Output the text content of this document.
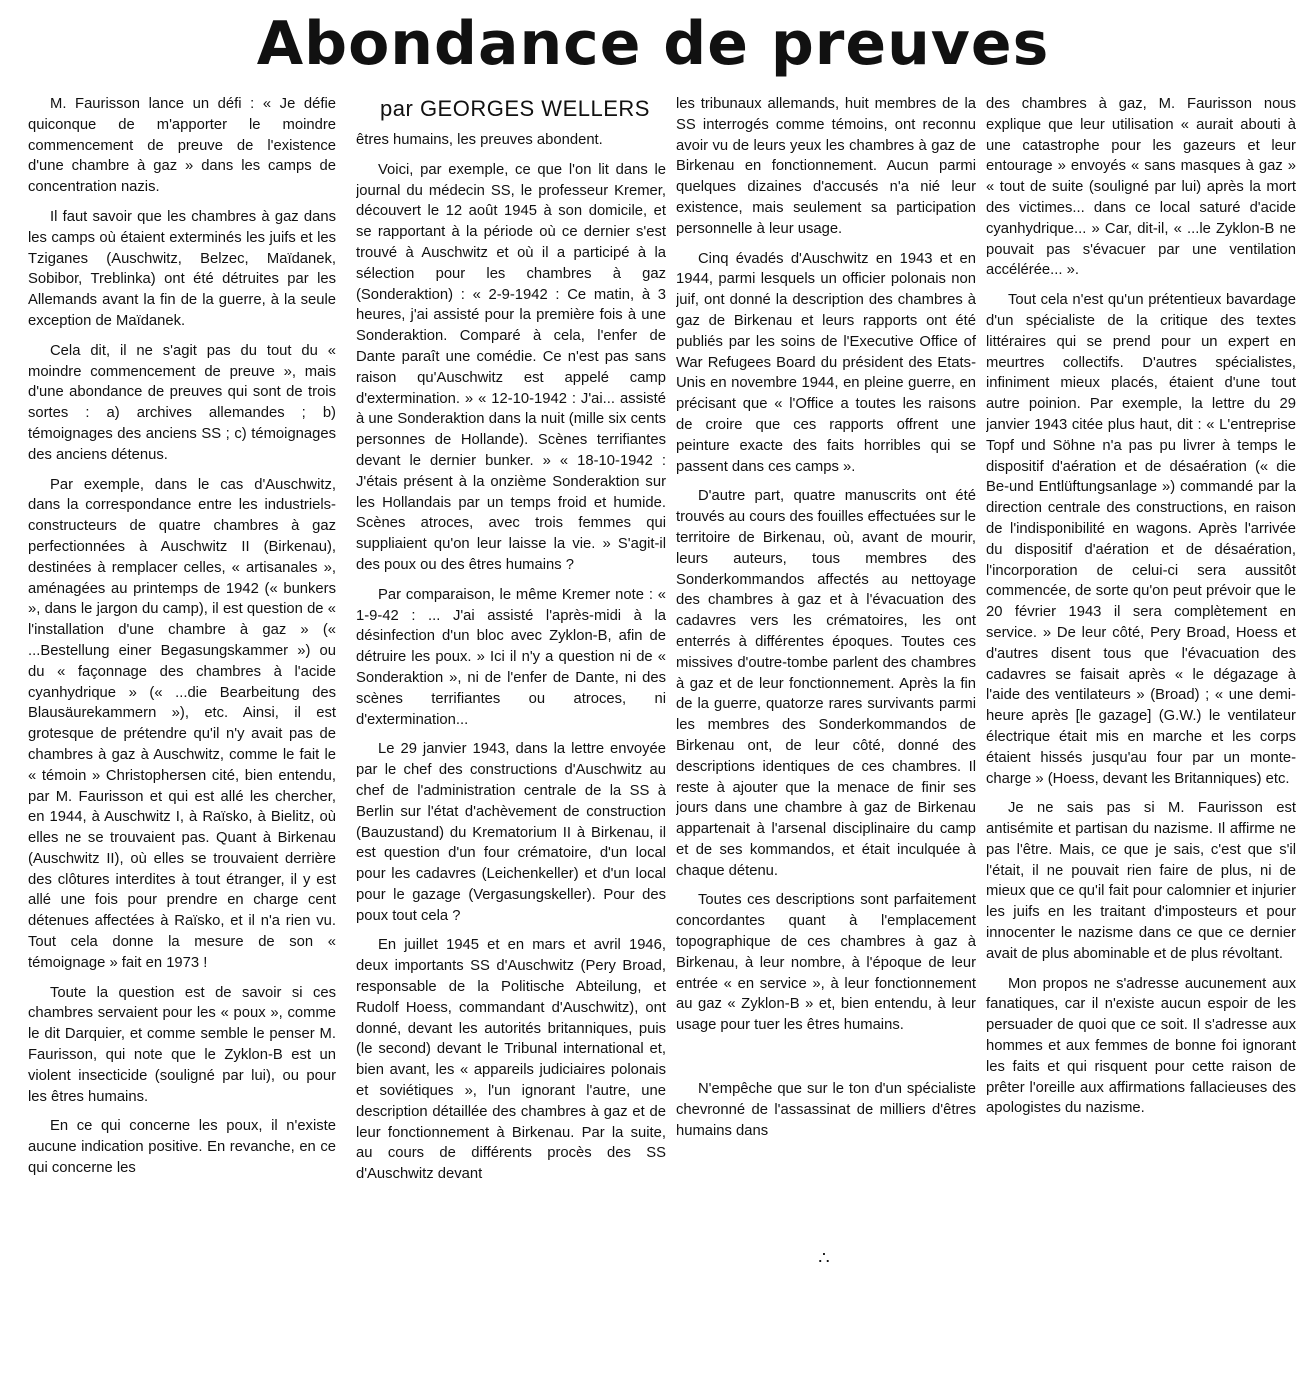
Abondance de preuves
par GEORGES WELLERS

M. Faurisson lance un défi : « Je défie quiconque de m'apporter le moindre commencement de preuve de l'existence d'une chambre à gaz » dans les camps de concentration nazis.

Il faut savoir que les chambres à gaz dans les camps où étaient exterminés les juifs et les Tziganes (Auschwitz, Belzec, Maïdanek, Sobibor, Treblinka) ont été détruites par les Allemands avant la fin de la guerre, à la seule exception de Maïdanek.

Cela dit, il ne s'agit pas du tout du « moindre commencement de preuve », mais d'une abondance de preuves qui sont de trois sortes : a) archives allemandes ; b) témoignages des anciens SS ; c) témoignages des anciens détenus.

Par exemple, dans le cas d'Auschwitz, dans la correspondance entre les industriels-constructeurs de quatre chambres à gaz perfectionnées à Auschwitz II (Birkenau), destinées à remplacer celles, « artisanales », aménagées au printemps de 1942 (« bunkers », dans le jargon du camp), il est question de « l'installation d'une chambre à gaz » (« ...Bestellung einer Begasungskammer ») ou du « façonnage des chambres à l'acide cyanhydrique » (« ...die Bearbeitung des Blausäurekammern »), etc. Ainsi, il est grotesque de prétendre qu'il n'y avait pas de chambres à gaz à Auschwitz, comme le fait le « témoin » Christophersen cité, bien entendu, par M. Faurisson et qui est allé les chercher, en 1944, à Auschwitz I, à Raïsko, à Bielitz, où elles ne se trouvaient pas. Quant à Birkenau (Auschwitz II), où elles se trouvaient derrière des clôtures interdites à tout étranger, il y est allé une fois pour prendre en charge cent détenues affectées à Raïsko, et il n'a rien vu. Tout cela donne la mesure de son « témoignage » fait en 1973 !

Toute la question est de savoir si ces chambres servaient pour les « poux », comme le dit Darquier, et comme semble le penser M. Faurisson, qui note que le Zyklon-B est un violent insecticide (souligné par lui), ou pour les êtres humains.

En ce qui concerne les poux, il n'existe aucune indication positive. En revanche, en ce qui concerne les

êtres humains, les preuves abondent.

Voici, par exemple, ce que l'on lit dans le journal du médecin SS, le professeur Kremer, découvert le 12 août 1945 à son domicile, et se rapportant à la période où ce dernier s'est trouvé à Auschwitz et où il a participé à la sélection pour les chambres à gaz (Sonderaktion) : « 2-9-1942 : Ce matin, à 3 heures, j'ai assisté pour la première fois à une Sonderaktion. Comparé à cela, l'enfer de Dante paraît une comédie. Ce n'est pas sans raison qu'Auschwitz est appelé camp d'extermination. » « 12-10-1942 : J'ai... assisté à une Sonderaktion dans la nuit (mille six cents personnes de Hollande). Scènes terrifiantes devant le dernier bunker. » « 18-10-1942 : J'étais présent à la onzième Sonderaktion sur les Hollandais par un temps froid et humide. Scènes atroces, avec trois femmes qui suppliaient qu'on leur laisse la vie. » S'agit-il des poux ou des êtres humains ?

Par comparaison, le même Kremer note : « 1-9-42 : ... J'ai assisté l'après-midi à la désinfection d'un bloc avec Zyklon-B, afin de détruire les poux. » Ici il n'y a question ni de « Sonderaktion », ni de l'enfer de Dante, ni des scènes terrifiantes ou atroces, ni d'extermination...

Le 29 janvier 1943, dans la lettre envoyée par le chef des constructions d'Auschwitz au chef de l'administration centrale de la SS à Berlin sur l'état d'achèvement de construction (Bauzustand) du Krematorium II à Birkenau, il est question d'un four crématoire, d'un local pour les cadavres (Leichenkeller) et d'un local pour le gazage (Vergasungskeller). Pour des poux tout cela ?

En juillet 1945 et en mars et avril 1946, deux importants SS d'Auschwitz (Pery Broad, responsable de la Politische Abteilung, et Rudolf Hoess, commandant d'Auschwitz), ont donné, devant les autorités britanniques, puis (le second) devant le Tribunal international et, bien avant, les « appareils judiciaires polonais et soviétiques », l'un ignorant l'autre, une description détaillée des chambres à gaz et de leur fonctionnement à Birkenau. Par la suite, au cours de différents procès des SS d'Auschwitz devant

les tribunaux allemands, huit membres de la SS interrogés comme témoins, ont reconnu avoir vu de leurs yeux les chambres à gaz de Birkenau en fonctionnement. Aucun parmi quelques dizaines d'accusés n'a nié leur existence, mais seulement sa participation personnelle à leur usage.

Cinq évadés d'Auschwitz en 1943 et en 1944, parmi lesquels un officier polonais non juif, ont donné la description des chambres à gaz de Birkenau et leurs rapports ont été publiés par les soins de l'Executive Office of War Refugees Board du président des Etats-Unis en novembre 1944, en pleine guerre, en précisant que « l'Office a toutes les raisons de croire que ces rapports offrent une peinture exacte des faits horribles qui se passent dans ces camps ».

D'autre part, quatre manuscrits ont été trouvés au cours des fouilles effectuées sur le territoire de Birkenau, où, avant de mourir, leurs auteurs, tous membres des Sonderkommandos affectés au nettoyage des chambres à gaz et à l'évacuation des cadavres vers les crématoires, les ont enterrés à différentes époques. Toutes ces missives d'outre-tombe parlent des chambres à gaz et de leur fonctionnement. Après la fin de la guerre, quatorze rares survivants parmi les membres des Sonderkommandos de Birkenau ont, de leur côté, donné des descriptions identiques de ces chambres. Il reste à ajouter que la menace de finir ses jours dans une chambre à gaz de Birkenau appartenait à l'arsenal disciplinaire du camp et de ses kommandos, et était inculquée à chaque détenu.

Toutes ces descriptions sont parfaitement concordantes quant à l'emplacement topographique de ces chambres à gaz à Birkenau, à leur nombre, à l'époque de leur entrée « en service », à leur fonctionnement au gaz « Zyklon-B » et, bien entendu, à leur usage pour tuer les êtres humains.

N'empêche que sur le ton d'un spécialiste chevronné de l'assassinat de milliers d'êtres humains dans

des chambres à gaz, M. Faurisson nous explique que leur utilisation « aurait abouti à une catastrophe pour les gazeurs et leur entourage » envoyés « sans masques à gaz » « tout de suite (souligné par lui) après la mort des victimes... dans ce local saturé d'acide cyanhydrique... » Car, dit-il, « ...le Zyklon-B ne pouvait pas s'évacuer par une ventilation accélérée... ».

Tout cela n'est qu'un prétentieux bavardage d'un spécialiste de la critique des textes littéraires qui se prend pour un expert en meurtres collectifs. D'autres spécialistes, infiniment mieux placés, étaient d'une tout autre poinion. Par exemple, la lettre du 29 janvier 1943 citée plus haut, dit : « L'entreprise Topf und Söhne n'a pas pu livrer à temps le dispositif d'aération et de désaération (« die Be-und Entlüftungsanlage ») commandé par la direction centrale des constructions, en raison de l'indisponibilité en wagons. Après l'arrivée du dispositif d'aération et de désaération, l'incorporation de celui-ci sera aussitôt commencée, de sorte qu'on peut prévoir que le 20 février 1943 il sera complètement en service. » De leur côté, Pery Broad, Hoess et d'autres disent tous que l'évacuation des cadavres se faisait après « le dégazage à l'aide des ventilateurs » (Broad) ; « une demi-heure après [le gazage] (G.W.) le ventilateur électrique était mis en marche et les corps étaient hissés jusqu'au four par un monte-charge » (Hoess, devant les Britanniques) etc.

Je ne sais pas si M. Faurisson est antisémite et partisan du nazisme. Il affirme ne pas l'être. Mais, ce que je sais, c'est que s'il l'était, il ne pouvait rien faire de plus, ni de mieux que ce qu'il fait pour calomnier et injurier les juifs en les traitant d'imposteurs et pour innocenter le nazisme dans ce que ce dernier avait de plus abominable et de plus révoltant.

Mon propos ne s'adresse aucunement aux fanatiques, car il n'existe aucun espoir de les persuader de quoi que ce soit. Il s'adresse aux hommes et aux femmes de bonne foi ignorant les faits et qui risquent pour cette raison de prêter l'oreille aux affirmations fallacieuses des apologistes du nazisme.

∴
